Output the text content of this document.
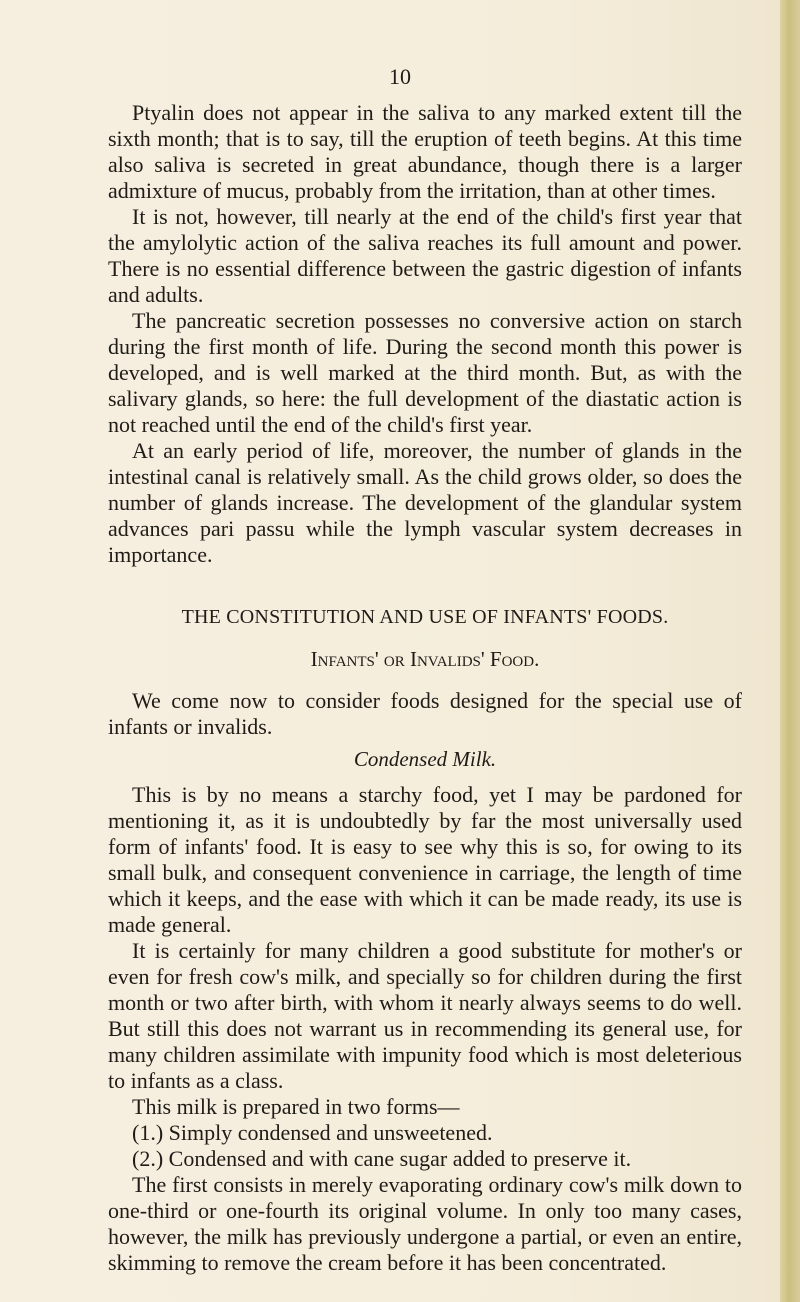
10

Ptyalin does not appear in the saliva to any marked extent till the sixth month; that is to say, till the eruption of teeth begins. At this time also saliva is secreted in great abundance, though there is a larger admixture of mucus, probably from the irritation, than at other times.

It is not, however, till nearly at the end of the child's first year that the amylolytic action of the saliva reaches its full amount and power. There is no essential difference between the gastric digestion of infants and adults.

The pancreatic secretion possesses no conversive action on starch during the first month of life. During the second month this power is developed, and is well marked at the third month. But, as with the salivary glands, so here: the full development of the diastatic action is not reached until the end of the child's first year.

At an early period of life, moreover, the number of glands in the intestinal canal is relatively small. As the child grows older, so does the number of glands increase. The development of the glandular system advances pari passu while the lymph vascular system decreases in importance.

THE CONSTITUTION AND USE OF INFANTS' FOODS.
Infants' or Invalids' Food.

We come now to consider foods designed for the special use of infants or invalids.

Condensed Milk.

This is by no means a starchy food, yet I may be pardoned for mentioning it, as it is undoubtedly by far the most universally used form of infants' food. It is easy to see why this is so, for owing to its small bulk, and consequent convenience in carriage, the length of time which it keeps, and the ease with which it can be made ready, its use is made general.

It is certainly for many children a good substitute for mother's or even for fresh cow's milk, and specially so for children during the first month or two after birth, with whom it nearly always seems to do well. But still this does not warrant us in recommending its general use, for many children assimilate with impunity food which is most deleterious to infants as a class.

This milk is prepared in two forms—

(1.) Simply condensed and unsweetened.

(2.) Condensed and with cane sugar added to preserve it.

The first consists in merely evaporating ordinary cow's milk down to one-third or one-fourth its original volume. In only too many cases, however, the milk has previously undergone a partial, or even an entire, skimming to remove the cream before it has been concentrated.
